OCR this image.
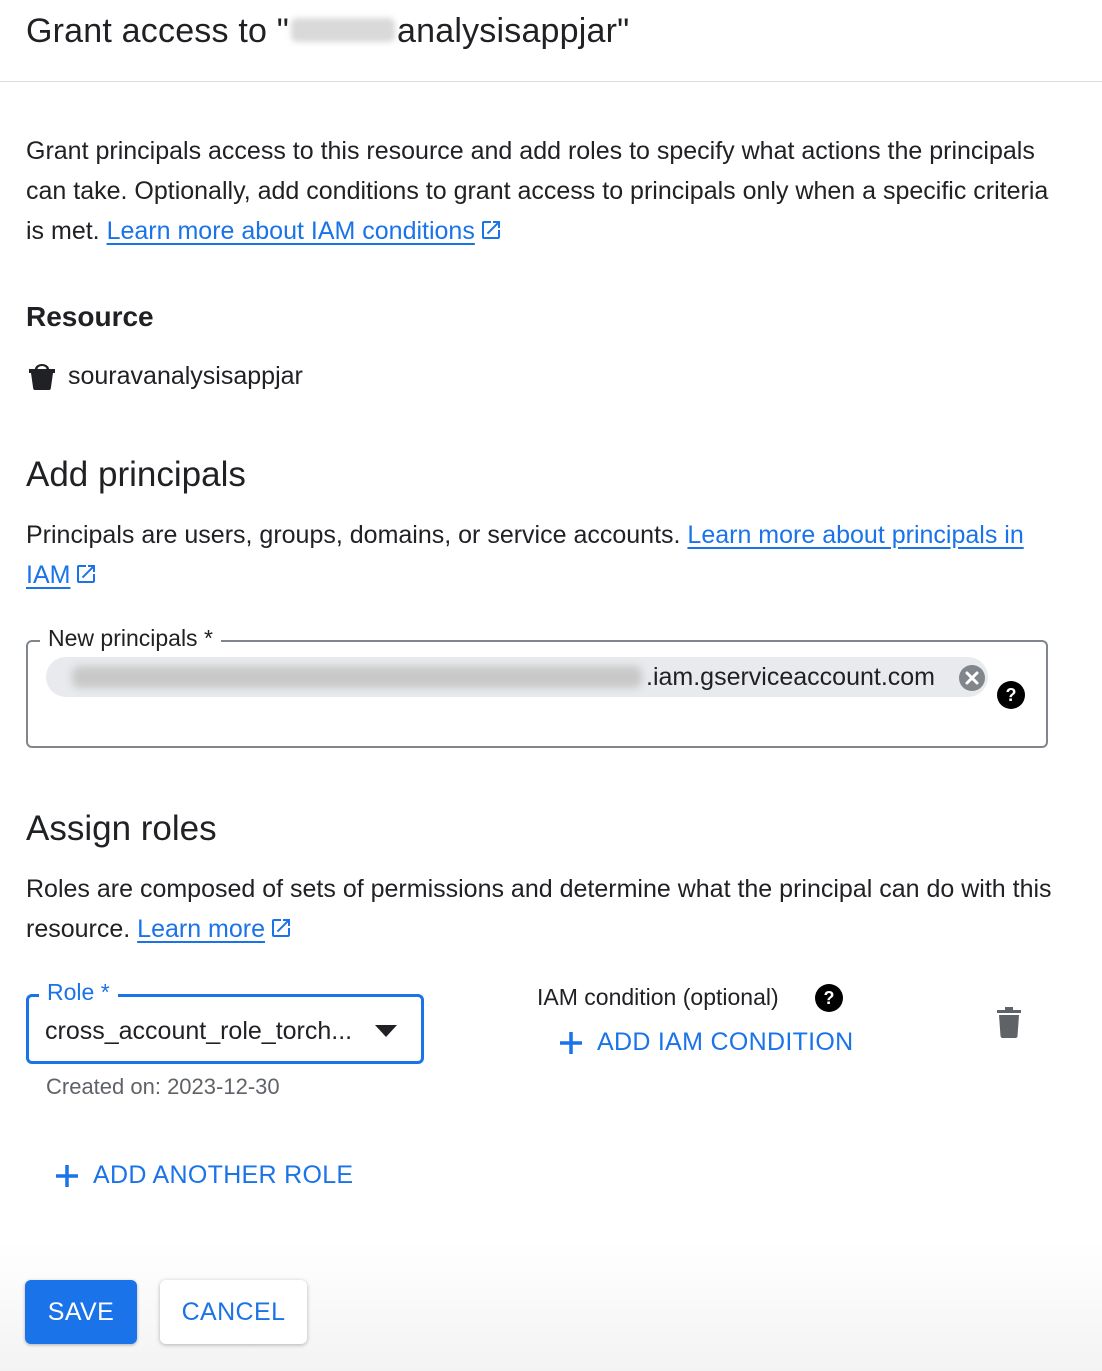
Grant access to "	analysisappjar"
Grant principals access to this resource and add roles to specify what actions the principals can take. Optionally, add conditions to grant access to principals only when a specific criteria is met. Learn more about IAM conditions
Resource
souravanalysisappjar
Add principals
Principals are users, groups, domains, or service accounts. Learn more about principals in IAM
New principals *
.iam.gserviceaccount.com
?
Assign roles
Roles are composed of sets of permissions and determine what the principal can do with this resource. Learn more
Role *
cross_account_role_torch...
Created on: 2023-12-30
IAM condition (optional) ?
ADD IAM CONDITION
ADD ANOTHER ROLE
SAVE	CANCEL
